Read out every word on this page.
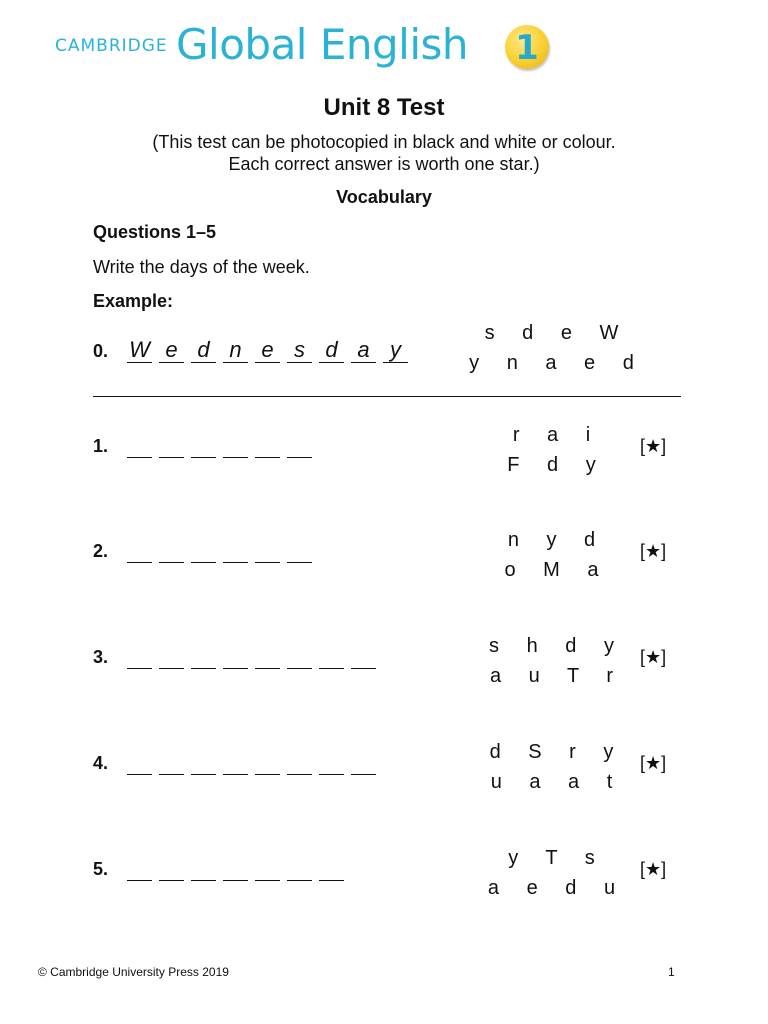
CAMBRIDGE Global English 1
Unit 8 Test
(This test can be photocopied in black and white or colour.
Each correct answer is worth one star.)
Vocabulary
Questions 1–5
Write the days of the week.
Example:
0. W e d n e s d a y
s d e W
y n a e d
1.	r a i
F d y
[★]
2.	n y d
o M a
[★]
3.	s h d y
a u T r
[★]
4.	d S r y
u a a t
[★]
5.	y T s
a e d u
[★]
© Cambridge University Press 2019	1
